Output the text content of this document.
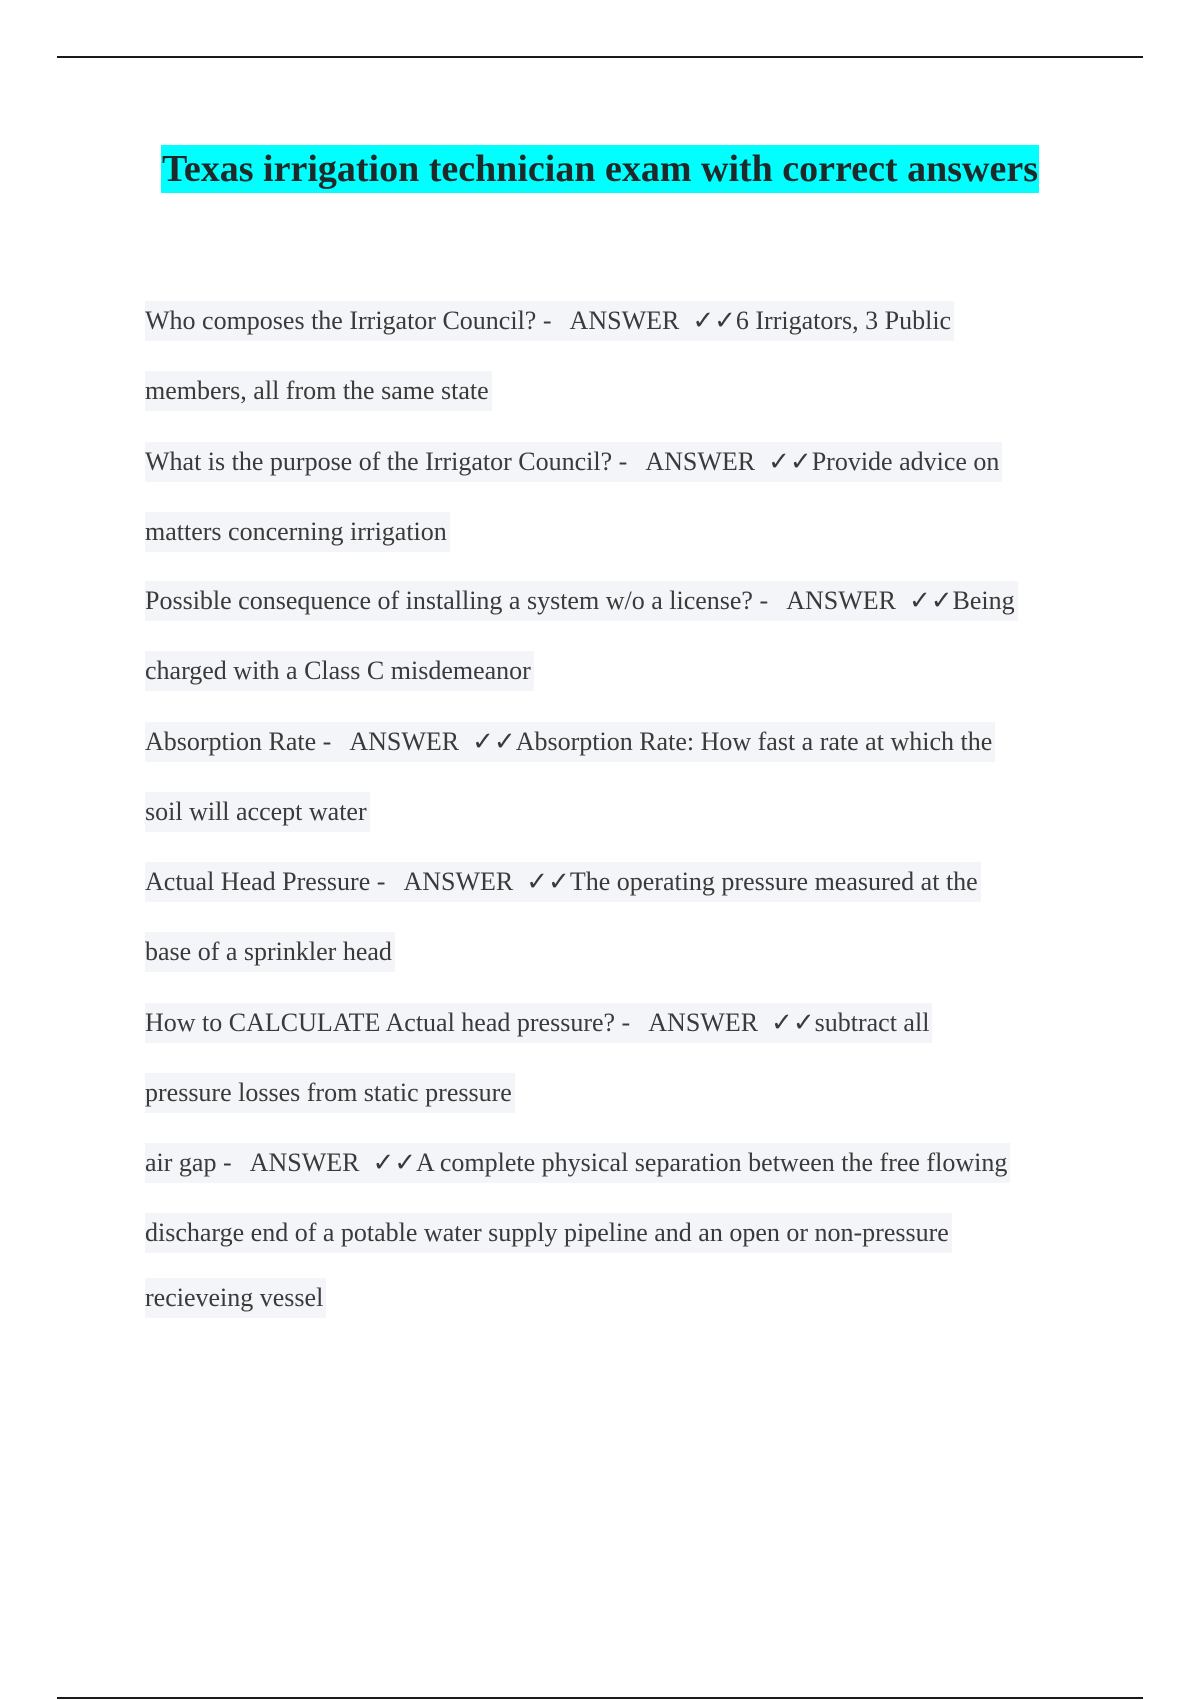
Texas irrigation technician exam with correct answers
Who composes the Irrigator Council? -   ANSWER  ✓✓6 Irrigators, 3 Public
members, all from the same state
What is the purpose of the Irrigator Council? -   ANSWER  ✓✓Provide advice on
matters concerning irrigation
Possible consequence of installing a system w/o a license? -   ANSWER  ✓✓Being
charged with a Class C misdemeanor
Absorption Rate -   ANSWER  ✓✓Absorption Rate: How fast a rate at which the
soil will accept water
Actual Head Pressure -   ANSWER  ✓✓The operating pressure measured at the
base of a sprinkler head
How to CALCULATE Actual head pressure? -   ANSWER  ✓✓subtract all
pressure losses from static pressure
air gap -   ANSWER  ✓✓A complete physical separation between the free flowing
discharge end of a potable water supply pipeline and an open or non-pressure
recieveing vessel
